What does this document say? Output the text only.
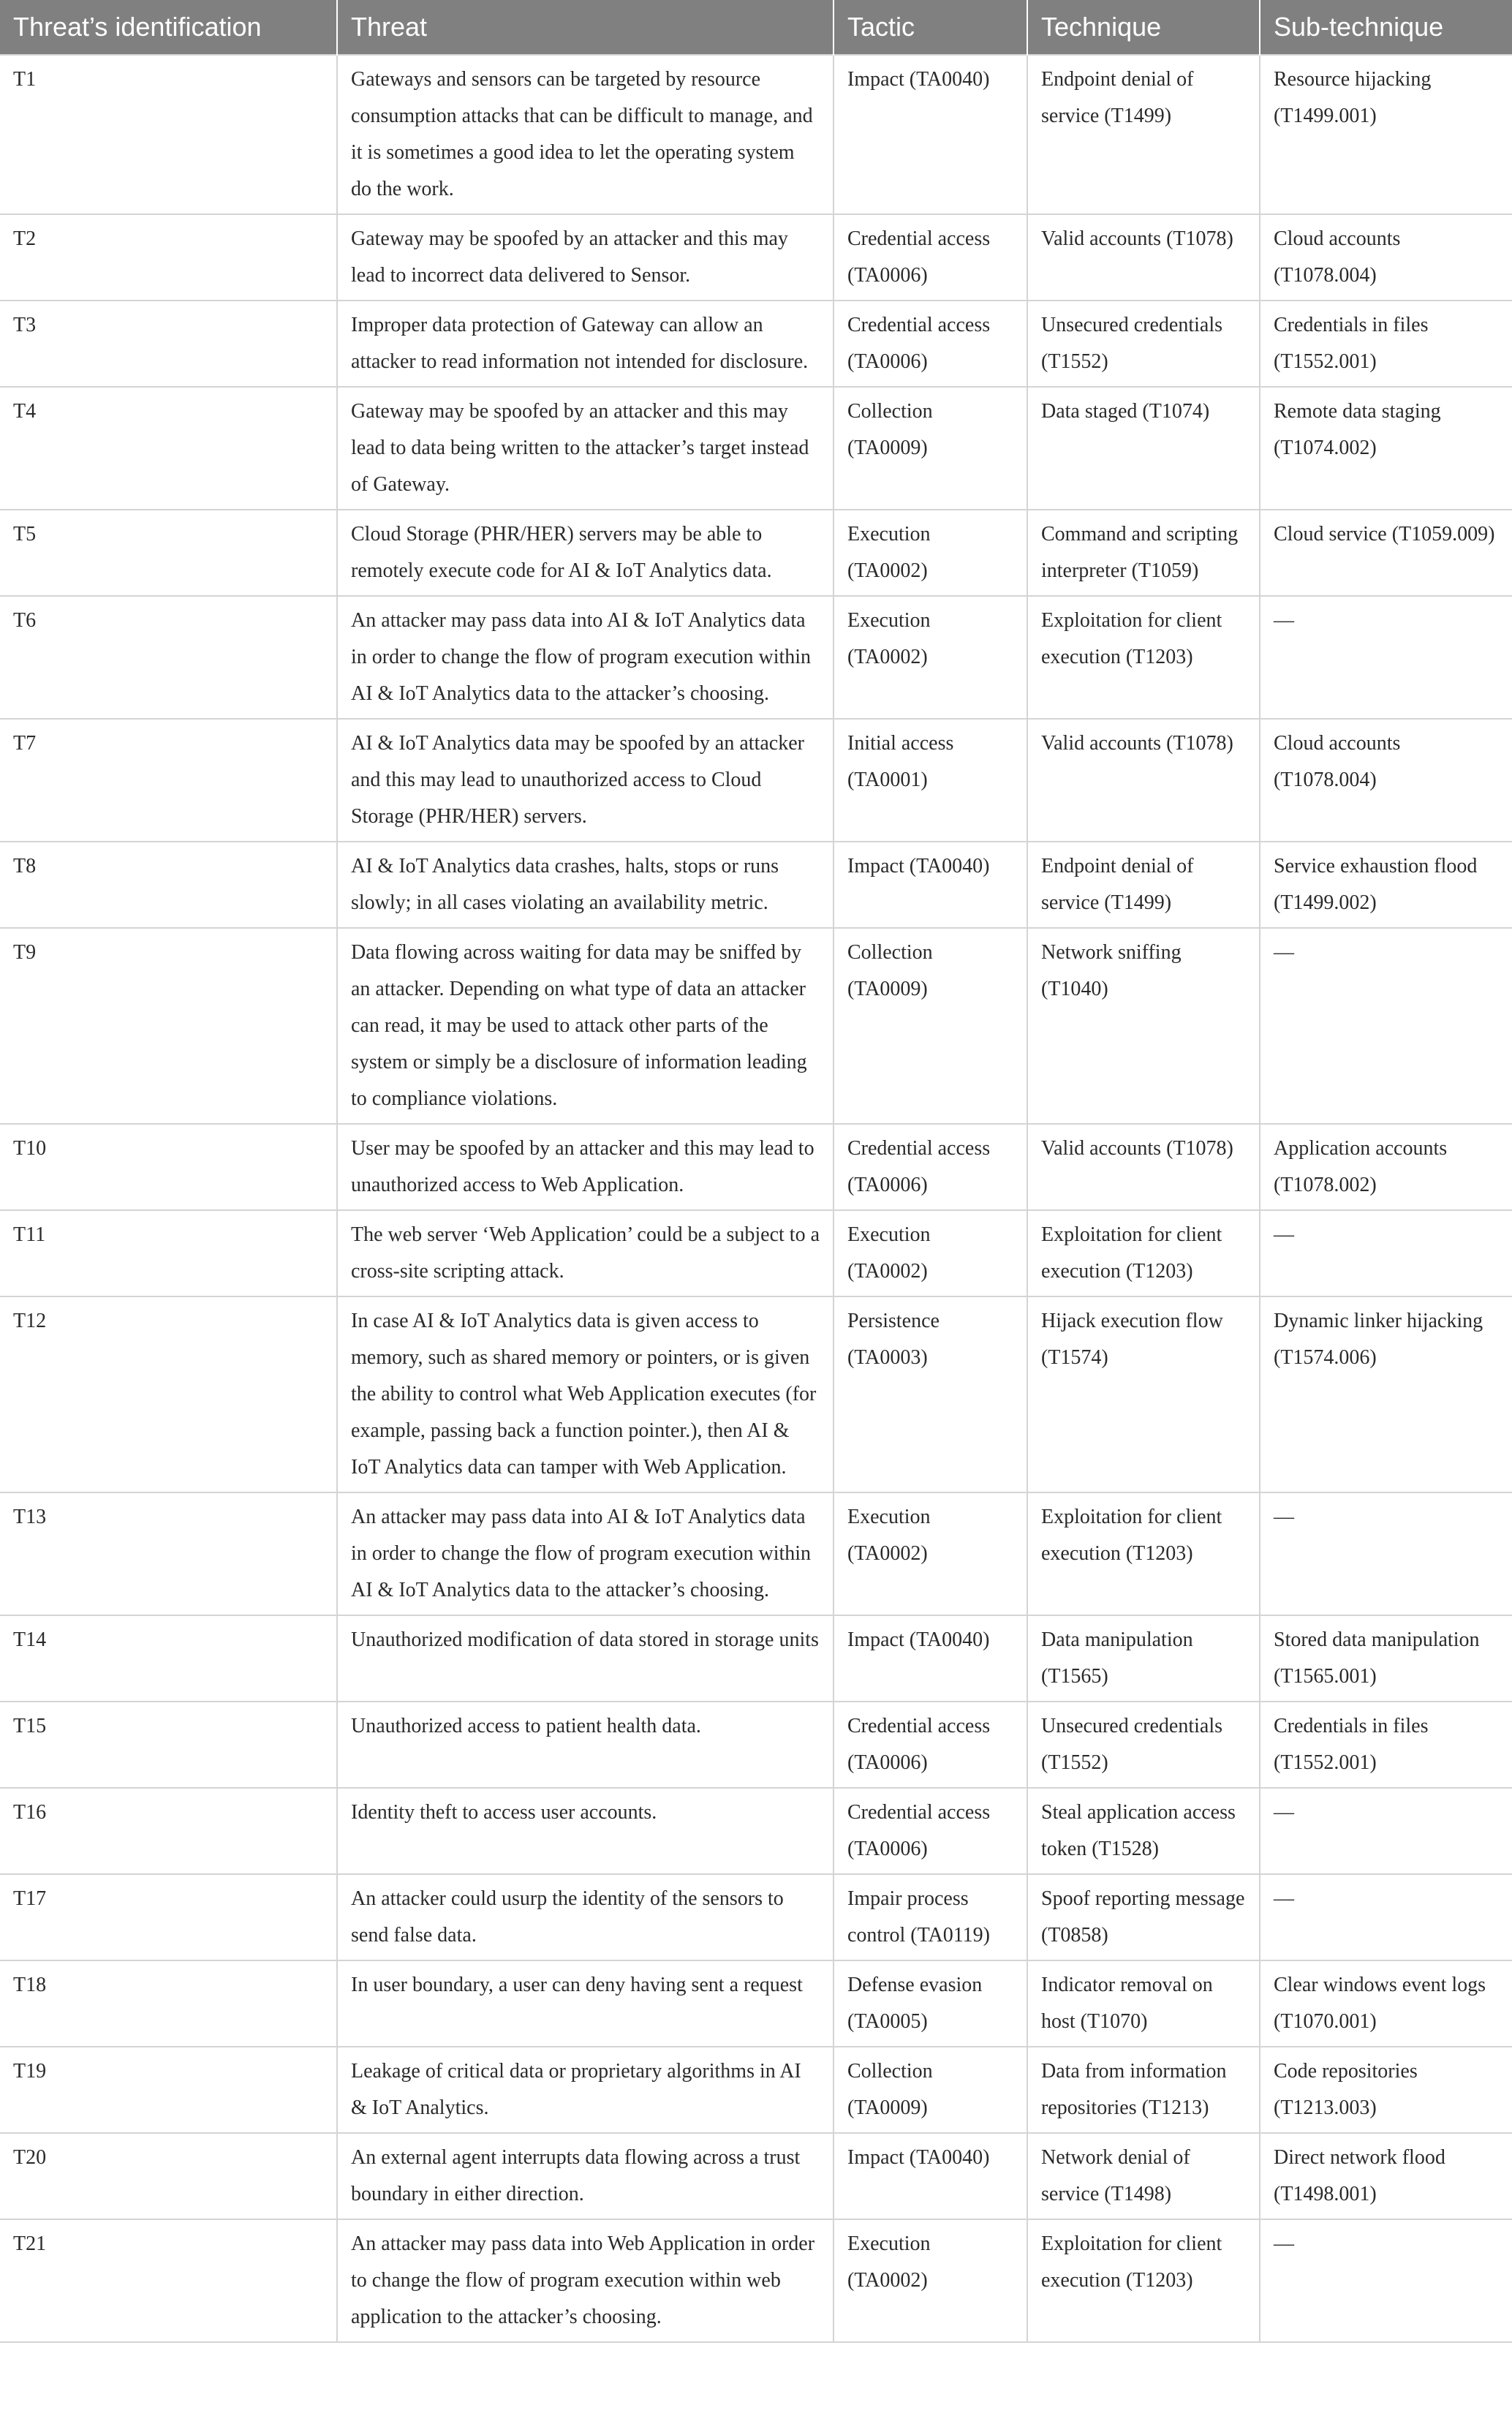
Threat’s identification	Threat	Tactic	Technique	Sub-technique
T1	Gateways and sensors can be targeted by resource consumption attacks that can be difficult to manage, and it is sometimes a good idea to let the operating system do the work.	Impact (TA0040)	Endpoint denial of service (T1499)	Resource hijacking (T1499.001)
T2	Gateway may be spoofed by an attacker and this may lead to incorrect data delivered to Sensor.	Credential access (TA0006)	Valid accounts (T1078)	Cloud accounts (T1078.004)
T3	Improper data protection of Gateway can allow an attacker to read information not intended for disclosure.	Credential access (TA0006)	Unsecured credentials (T1552)	Credentials in files (T1552.001)
T4	Gateway may be spoofed by an attacker and this may lead to data being written to the attacker’s target instead of Gateway.	Collection (TA0009)	Data staged (T1074)	Remote data staging (T1074.002)
T5	Cloud Storage (PHR/HER) servers may be able to remotely execute code for AI & IoT Analytics data.	Execution (TA0002)	Command and scripting interpreter (T1059)	Cloud service (T1059.009)
T6	An attacker may pass data into AI & IoT Analytics data in order to change the flow of program execution within AI & IoT Analytics data to the attacker’s choosing.	Execution (TA0002)	Exploitation for client execution (T1203)	—
T7	AI & IoT Analytics data may be spoofed by an attacker and this may lead to unauthorized access to Cloud Storage (PHR/HER) servers.	Initial access (TA0001)	Valid accounts (T1078)	Cloud accounts (T1078.004)
T8	AI & IoT Analytics data crashes, halts, stops or runs slowly; in all cases violating an availability metric.	Impact (TA0040)	Endpoint denial of service (T1499)	Service exhaustion flood (T1499.002)
T9	Data flowing across waiting for data may be sniffed by an attacker. Depending on what type of data an attacker can read, it may be used to attack other parts of the system or simply be a disclosure of information leading to compliance violations.	Collection (TA0009)	Network sniffing (T1040)	—
T10	User may be spoofed by an attacker and this may lead to unauthorized access to Web Application.	Credential access (TA0006)	Valid accounts (T1078)	Application accounts (T1078.002)
T11	The web server ‘Web Application’ could be a subject to a cross-site scripting attack.	Execution (TA0002)	Exploitation for client execution (T1203)	—
T12	In case AI & IoT Analytics data is given access to memory, such as shared memory or pointers, or is given the ability to control what Web Application executes (for example, passing back a function pointer.), then AI & IoT Analytics data can tamper with Web Application.	Persistence (TA0003)	Hijack execution flow (T1574)	Dynamic linker hijacking (T1574.006)
T13	An attacker may pass data into AI & IoT Analytics data in order to change the flow of program execution within AI & IoT Analytics data to the attacker’s choosing.	Execution (TA0002)	Exploitation for client execution (T1203)	—
T14	Unauthorized modification of data stored in storage units	Impact (TA0040)	Data manipulation (T1565)	Stored data manipulation (T1565.001)
T15	Unauthorized access to patient health data.	Credential access (TA0006)	Unsecured credentials (T1552)	Credentials in files (T1552.001)
T16	Identity theft to access user accounts.	Credential access (TA0006)	Steal application access token (T1528)	—
T17	An attacker could usurp the identity of the sensors to send false data.	Impair process control (TA0119)	Spoof reporting message (T0858)	—
T18	In user boundary, a user can deny having sent a request	Defense evasion (TA0005)	Indicator removal on host (T1070)	Clear windows event logs (T1070.001)
T19	Leakage of critical data or proprietary algorithms in AI & IoT Analytics.	Collection (TA0009)	Data from information repositories (T1213)	Code repositories (T1213.003)
T20	An external agent interrupts data flowing across a trust boundary in either direction.	Impact (TA0040)	Network denial of service (T1498)	Direct network flood (T1498.001)
T21	An attacker may pass data into Web Application in order to change the flow of program execution within web application to the attacker’s choosing.	Execution (TA0002)	Exploitation for client execution (T1203)	—
